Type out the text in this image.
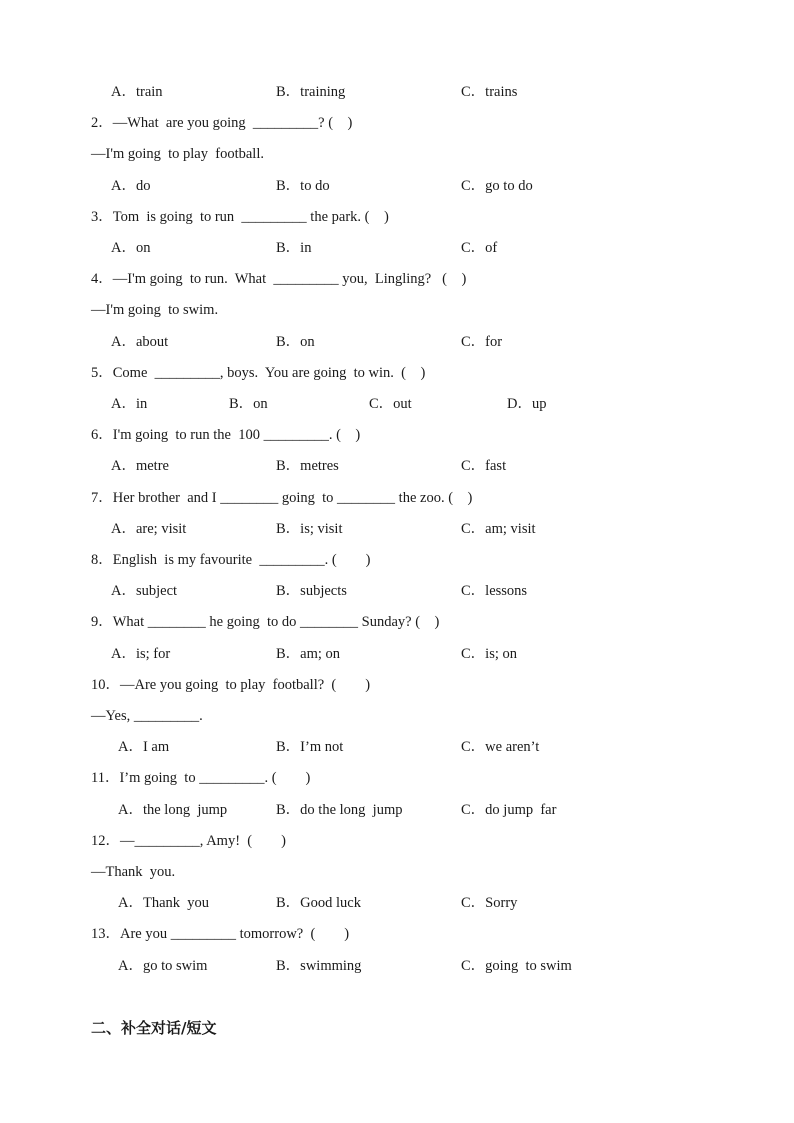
A．train	B．training	C．trains
2．—What  are you going  _________? (    )
—I'm going  to play  football.
A．do	B．to do	C．go to do
3．Tom  is going  to run  _________ the park. (    )
A．on	B．in	C．of
4．—I'm going  to run.  What  _________ you,  Lingling?   (    )
—I'm going  to swim.
A．about	B．on	C．for
5．Come  _________, boys.  You are going  to win.  (    )
A．in	B．on	C．out	D．up
6．I'm going  to run the  100 _________. (    )
A．metre	B．metres	C．fast
7．Her brother  and I ________ going  to ________ the zoo. (    )
A．are; visit	B．is; visit	C．am; visit
8．English  is my favourite  _________. (        )
A．subject	B．subjects	C．lessons
9．What ________ he going  to do ________ Sunday? (    )
A．is; for	B．am; on	C．is; on
10．—Are you going  to play  football?  (        )
—Yes, _________.
A．I am	B．I’m not	C．we aren’t
11．I’m going  to _________. (        )
A．the long  jump	B．do the long  jump	C．do jump  far
12．—_________, Amy!  (        )
—Thank  you.
A．Thank  you	B．Good luck	C．Sorry
13．Are you _________ tomorrow?  (        )
A．go to swim	B．swimming	C．going  to swim
二、补全对话/短文
